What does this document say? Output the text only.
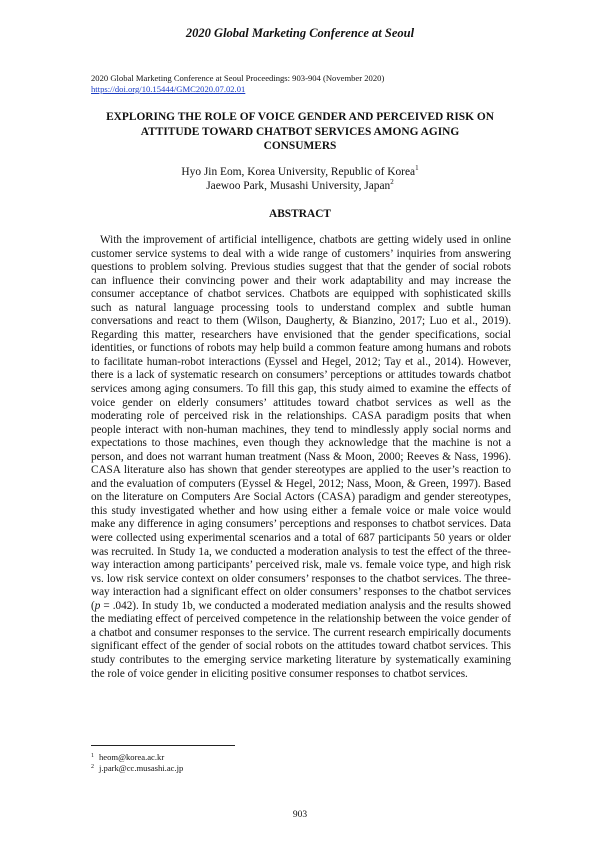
2020 Global Marketing Conference at Seoul
2020 Global Marketing Conference at Seoul Proceedings: 903-904 (November 2020)
https://doi.org/10.15444/GMC2020.07.02.01
EXPLORING THE ROLE OF VOICE GENDER AND PERCEIVED RISK ON
ATTITUDE TOWARD CHATBOT SERVICES AMONG AGING
CONSUMERS
Hyo Jin Eom, Korea University, Republic of Korea$^1$
Jaewoo Park, Musashi University, Japan$^2$
ABSTRACT
With the improvement of artificial intelligence, chatbots are getting widely used in online customer service systems to deal with a wide range of customers’ inquiries from answering questions to problem solving. Previous studies suggest that that the gender of social robots can influence their convincing power and their work adaptability and may increase the consumer acceptance of chatbot services. Chatbots are equipped with sophisticated skills such as natural language processing tools to understand complex and subtle human conversations and react to them (Wilson, Daugherty, & Bianzino, 2017; Luo et al., 2019). Regarding this matter, researchers have envisioned that the gender specifications, social identities, or functions of robots may help build a common feature among humans and robots to facilitate human-robot interactions (Eyssel and Hegel, 2012; Tay et al., 2014). However, there is a lack of systematic research on consumers’ perceptions or attitudes towards chatbot services among aging consumers. To fill this gap, this study aimed to examine the effects of voice gender on elderly consumers’ attitudes toward chatbot services as well as the moderating role of perceived risk in the relationships. CASA paradigm posits that when people interact with non-human machines, they tend to mindlessly apply social norms and expectations to those machines, even though they acknowledge that the machine is not a person, and does not warrant human treatment (Nass & Moon, 2000; Reeves & Nass, 1996). CASA literature also has shown that gender stereotypes are applied to the user’s reaction to and the evaluation of computers (Eyssel & Hegel, 2012; Nass, Moon, & Green, 1997). Based on the literature on Computers Are Social Actors (CASA) paradigm and gender stereotypes, this study investigated whether and how using either a female voice or male voice would make any difference in aging consumers’ perceptions and responses to chatbot services. Data were collected using experimental scenarios and a total of 687 participants 50 years or older was recruited. In Study 1a, we conducted a moderation analysis to test the effect of the three-way interaction among participants’ perceived risk, male vs. female voice type, and high risk vs. low risk service context on older consumers’ responses to the chatbot services. The three-way interaction had a significant effect on older consumers’ responses to the chatbot services (p = .042). In study 1b, we conducted a moderated mediation analysis and the results showed the mediating effect of perceived competence in the relationship between the voice gender of a chatbot and consumer responses to the service. The current research empirically documents significant effect of the gender of social robots on the attitudes toward chatbot services. This study contributes to the emerging service marketing literature by systematically examining the role of voice gender in eliciting positive consumer responses to chatbot services.
$^1$ heom@korea.ac.kr
$^2$ j.park@cc.musashi.ac.jp
903
